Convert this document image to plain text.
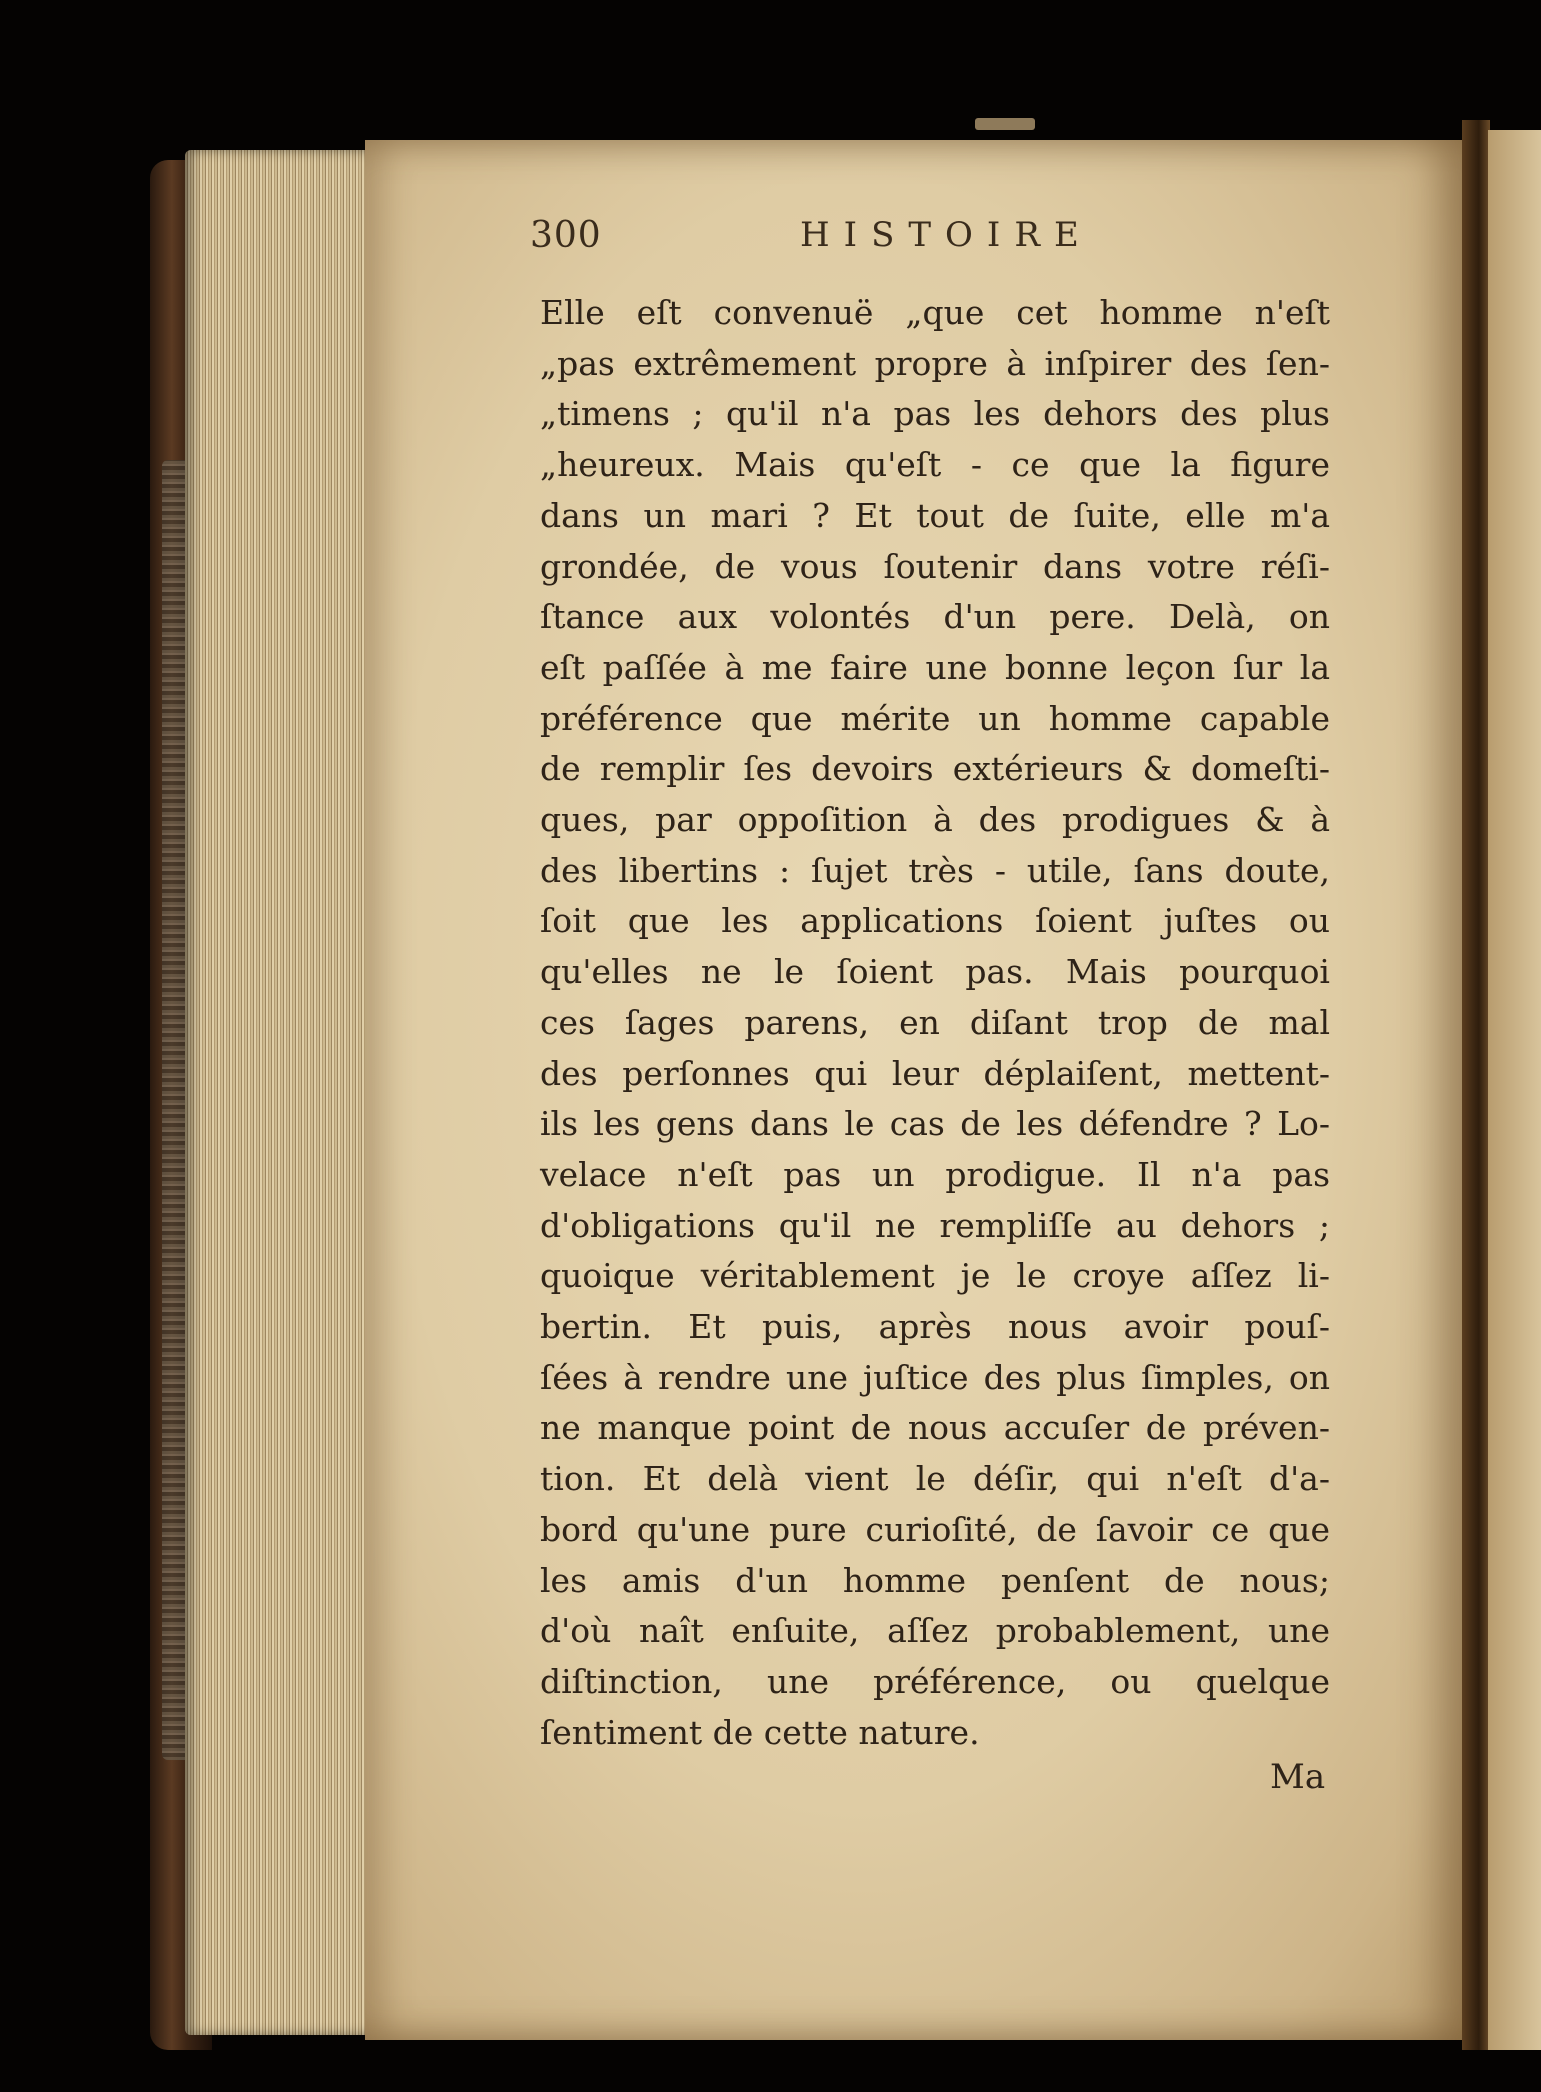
300	HISTOIRE
Elle eſt convenuë „que cet homme n'eſt
„pas extrêmement propre à inſpirer des ſen-
„timens ; qu'il n'a pas les dehors des plus
„heureux. Mais qu'eſt - ce que la figure
dans un mari ? Et tout de ſuite, elle m'a
grondée, de vous ſoutenir dans votre réſi-
ſtance aux volontés d'un pere. Delà, on
eſt paſſée à me faire une bonne leçon ſur la
préférence que mérite un homme capable
de remplir ſes devoirs extérieurs & domeſti-
ques, par oppoſition à des prodigues & à
des libertins : ſujet très - utile, ſans doute,
ſoit que les applications ſoient juſtes ou
qu'elles ne le ſoient pas. Mais pourquoi
ces ſages parens, en diſant trop de mal
des perſonnes qui leur déplaiſent, mettent-
ils les gens dans le cas de les défendre ? Lo-
velace n'eſt pas un prodigue. Il n'a pas
d'obligations qu'il ne rempliſſe au dehors ;
quoique véritablement je le croye aſſez li-
bertin. Et puis, après nous avoir pouſ-
ſées à rendre une juſtice des plus ſimples, on
ne manque point de nous accuſer de préven-
tion. Et delà vient le déſir, qui n'eſt d'a-
bord qu'une pure curioſité, de ſavoir ce que
les amis d'un homme penſent de nous;
d'où naît enſuite, aſſez probablement, une
diſtinction, une préférence, ou quelque
ſentiment de cette nature.
Ma
